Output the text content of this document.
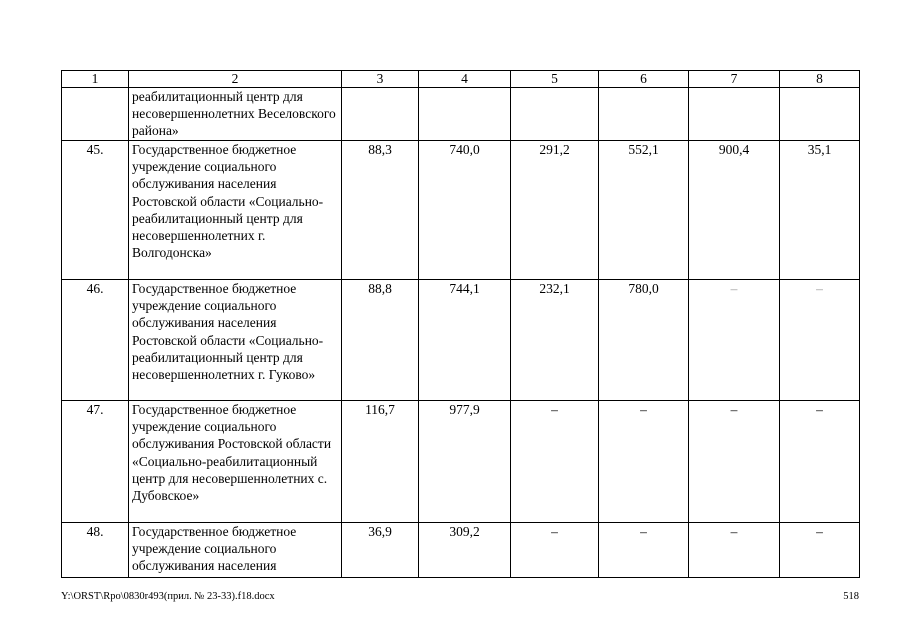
1	2	3	4	5	6	7	8
	реабилитационный центр для несовершеннолетних Веселовского района»						
45.	Государственное бюджетное учреждение социального обслуживания населения Ростовской области «Социально-реабилитационный центр для несовершеннолетних г. Волгодонска»	88,3	740,0	291,2	552,1	900,4	35,1
46.	Государственное бюджетное учреждение социального обслуживания населения Ростовской области «Социально-реабилитационный центр для несовершеннолетних г. Гуково»	88,8	744,1	232,1	780,0	–	–
47.	Государственное бюджетное учреждение социального обслуживания Ростовской области «Социально-реабилитационный центр для несовершеннолетних с. Дубовское»	116,7	977,9	–	–	–	–
48.	Государственное бюджетное учреждение социального обслуживания населения	36,9	309,2	–	–	–	–
Y:\ORST\Rpo\0830r493(прил. № 23-33).f18.docx	518
